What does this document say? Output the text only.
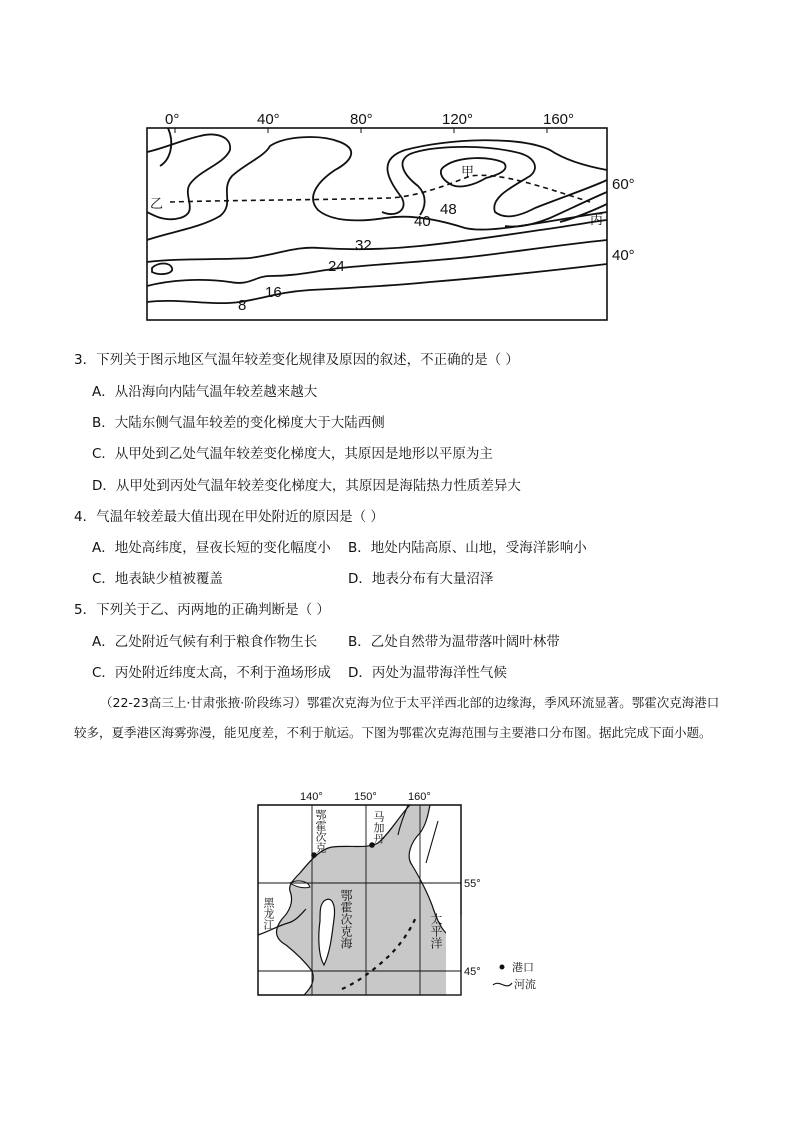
0°	40°	80°	120°	160°
60°
40°
48
40
32
24
16
8
甲
乙
丙
3．下列关于图示地区气温年较差变化规律及原因的叙述，不正确的是（ ）
A．从沿海向内陆气温年较差越来越大
B．大陆东侧气温年较差的变化梯度大于大陆西侧
C．从甲处到乙处气温年较差变化梯度大，其原因是地形以平原为主
D．从甲处到丙处气温年较差变化梯度大，其原因是海陆热力性质差异大
4．气温年较差最大值出现在甲处附近的原因是（ ）
A．地处高纬度，昼夜长短的变化幅度小 B．地处内陆高原、山地，受海洋影响小
C．地表缺少植被覆盖	D．地表分布有大量沼泽
5．下列关于乙、丙两地的正确判断是（ ）
A．乙处附近气候有利于粮食作物生长 B．乙处自然带为温带落叶阔叶林带
C．丙处附近纬度太高，不利于渔场形成 D．丙处为温带海洋性气候
（22-23高三上·甘肃张掖·阶段练习）鄂霍次克海为位于太平洋西北部的边缘海，季风环流显著。鄂霍次克海港口较多，夏季港区海雾弥漫，能见度差，不利于航运。下图为鄂霍次克海范围与主要港口分布图。据此完成下面小题。
140°	150°	160°
55°
45°
鄂霍次克	马加丹
鄂霍次克海	太平洋
黑龙江
港口
河流
